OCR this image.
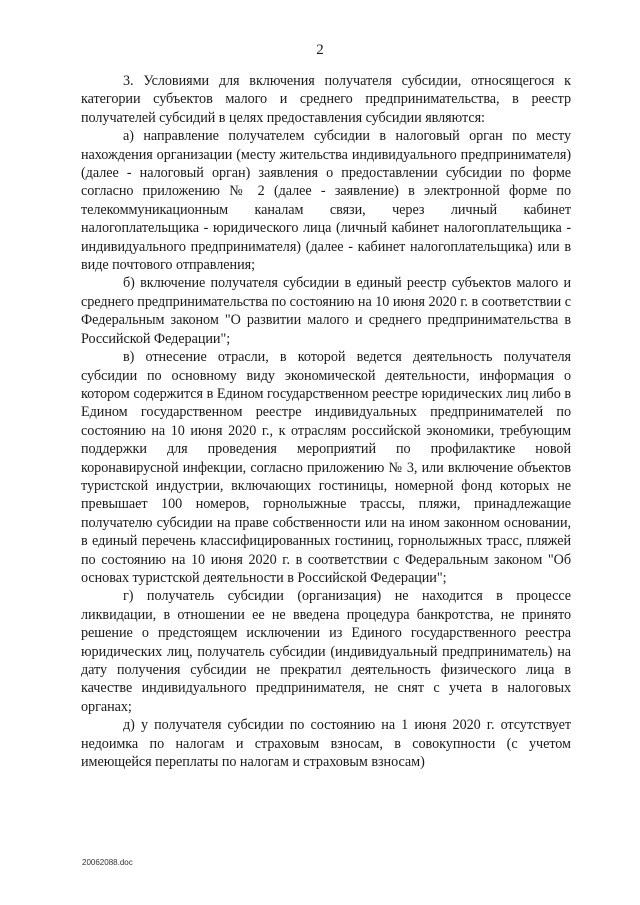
2

3. Условиями для включения получателя субсидии, относящегося к категории субъектов малого и среднего предпринимательства, в реестр получателей субсидий в целях предоставления субсидии являются:

а) направление получателем субсидии в налоговый орган по месту нахождения организации (месту жительства индивидуального предпринимателя) (далее - налоговый орган) заявления о предоставлении субсидии по форме согласно приложению № 2 (далее - заявление) в электронной форме по телекоммуникационным каналам связи, через личный кабинет налогоплательщика - юридического лица (личный кабинет налогоплательщика - индивидуального предпринимателя) (далее - кабинет налогоплательщика) или в виде почтового отправления;

б) включение получателя субсидии в единый реестр субъектов малого и среднего предпринимательства по состоянию на 10 июня 2020 г. в соответствии с Федеральным законом "О развитии малого и среднего предпринимательства в Российской Федерации";

в) отнесение отрасли, в которой ведется деятельность получателя субсидии по основному виду экономической деятельности, информация о котором содержится в Едином государственном реестре юридических лиц либо в Едином государственном реестре индивидуальных предпринимателей по состоянию на 10 июня 2020 г., к отраслям российской экономики, требующим поддержки для проведения мероприятий по профилактике новой коронавирусной инфекции, согласно приложению № 3, или включение объектов туристской индустрии, включающих гостиницы, номерной фонд которых не превышает 100 номеров, горнолыжные трассы, пляжи, принадлежащие получателю субсидии на праве собственности или на ином законном основании, в единый перечень классифицированных гостиниц, горнолыжных трасс, пляжей по состоянию на 10 июня 2020 г. в соответствии с Федеральным законом "Об основах туристской деятельности в Российской Федерации";

г) получатель субсидии (организация) не находится в процессе ликвидации, в отношении ее не введена процедура банкротства, не принято решение о предстоящем исключении из Единого государственного реестра юридических лиц, получатель субсидии (индивидуальный предприниматель) на дату получения субсидии не прекратил деятельность физического лица в качестве индивидуального предпринимателя, не снят с учета в налоговых органах;

д) у получателя субсидии по состоянию на 1 июня 2020 г. отсутствует недоимка по налогам и страховым взносам, в совокупности (с учетом имеющейся переплаты по налогам и страховым взносам)

20062088.doc
